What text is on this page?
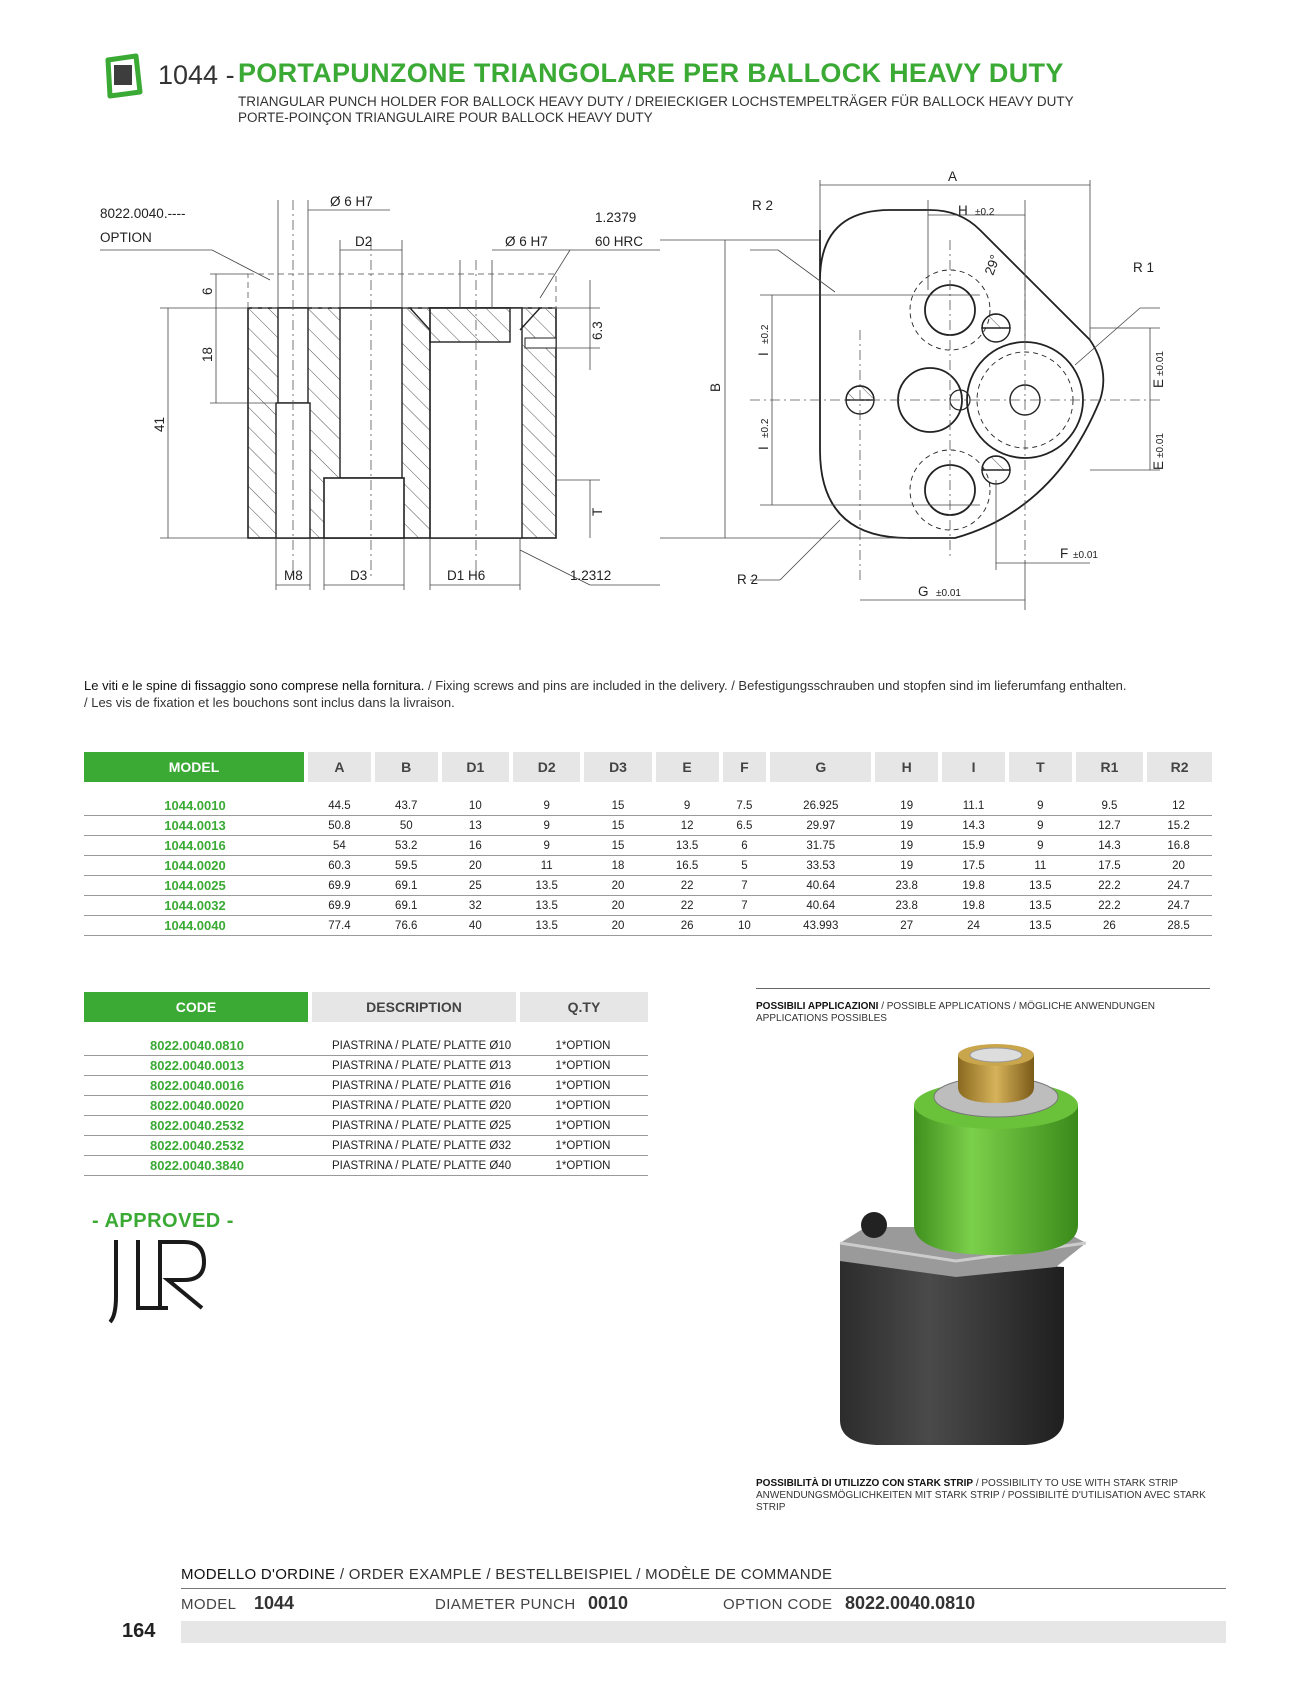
1044 - PORTAPUNZONE TRIANGOLARE PER BALLOCK HEAVY DUTY
TRIANGULAR PUNCH HOLDER FOR BALLOCK HEAVY DUTY / DREIECKIGER LOCHSTEMPELTRÄGER FÜR BALLOCK HEAVY DUTY
PORTE-POINÇON TRIANGULAIRE POUR BALLOCK HEAVY DUTY
8022.0040.----
OPTION
Ø 6 H7
D2	Ø 6 H7
1.2379
60 HRC
6
18
41
6.3
T
M8	D3	D1 H6	1.2312
A
H ±0.2
R 2
R 1
29°
B
I
±0.2
I
±0.2
E
±0.01
E
±0.01
F ±0.01
G ±0.01
R 2
Le viti e le spine di fissaggio sono comprese nella fornitura. / Fixing screws and pins are included in the delivery. / Befestigungsschrauben und stopfen sind im lieferumfang enthalten.
/ Les vis de fixation et les bouchons sont inclus dans la livraison.
MODEL	A	B	D1	D2	D3	E	F	G	H	I	T	R1	R2
1044.0010	44.5	43.7	10	9	15	9	7.5	26.925	19	11.1	9	9.5	12
1044.0013	50.8	50	13	9	15	12	6.5	29.97	19	14.3	9	12.7	15.2
1044.0016	54	53.2	16	9	15	13.5	6	31.75	19	15.9	9	14.3	16.8
1044.0020	60.3	59.5	20	11	18	16.5	5	33.53	19	17.5	11	17.5	20
1044.0025	69.9	69.1	25	13.5	20	22	7	40.64	23.8	19.8	13.5	22.2	24.7
1044.0032	69.9	69.1	32	13.5	20	22	7	40.64	23.8	19.8	13.5	22.2	24.7
1044.0040	77.4	76.6	40	13.5	20	26	10	43.993	27	24	13.5	26	28.5
CODE	DESCRIPTION	Q.TY
8022.0040.0810	PIASTRINA / PLATE/ PLATTE Ø10	1*OPTION
8022.0040.0013	PIASTRINA / PLATE/ PLATTE Ø13	1*OPTION
8022.0040.0016	PIASTRINA / PLATE/ PLATTE Ø16	1*OPTION
8022.0040.0020	PIASTRINA / PLATE/ PLATTE Ø20	1*OPTION
8022.0040.2532	PIASTRINA / PLATE/ PLATTE Ø25	1*OPTION
8022.0040.2532	PIASTRINA / PLATE/ PLATTE Ø32	1*OPTION
8022.0040.3840	PIASTRINA / PLATE/ PLATTE Ø40	1*OPTION
- APPROVED -
POSSIBILI APPLICAZIONI / POSSIBLE APPLICATIONS / MÖGLICHE ANWENDUNGEN
APPLICATIONS POSSIBLES
POSSIBILITÀ DI UTILIZZO CON STARK STRIP / POSSIBILITY TO USE WITH STARK STRIP
ANWENDUNGSMÖGLICHKEITEN MIT STARK STRIP / POSSIBILITÉ D'UTILISATION AVEC STARK STRIP
MODELLO D'ORDINE / ORDER EXAMPLE / BESTELLBEISPIEL / MODÈLE DE COMMANDE
MODEL 1044	DIAMETER PUNCH 0010	OPTION CODE 8022.0040.0810
164
